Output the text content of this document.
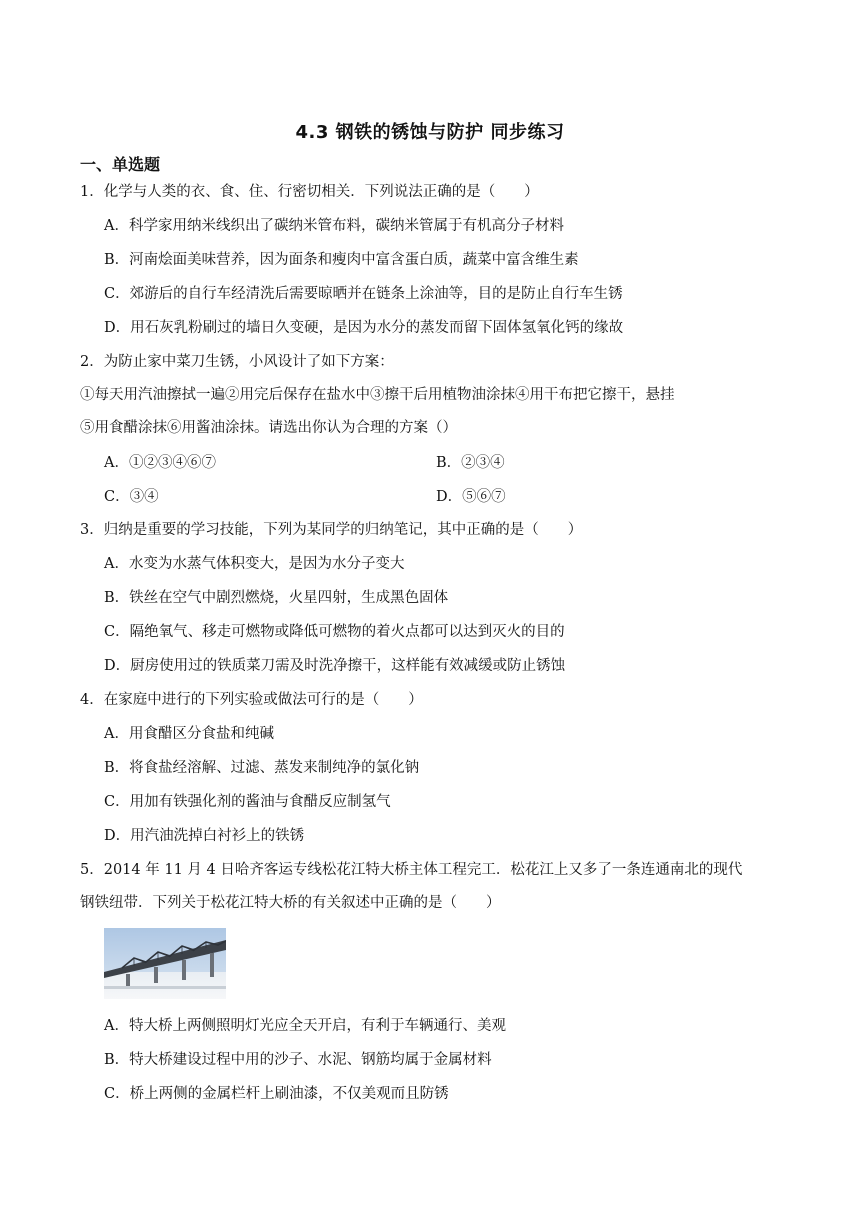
4.3 钢铁的锈蚀与防护 同步练习
一、单选题
1．化学与人类的衣、食、住、行密切相关．下列说法正确的是（　　）
A．科学家用纳米线织出了碳纳米管布料，碳纳米管属于有机高分子材料
B．河南烩面美味营养，因为面条和瘦肉中富含蛋白质，蔬菜中富含维生素
C．郊游后的自行车经清洗后需要晾晒并在链条上涂油等，目的是防止自行车生锈
D．用石灰乳粉刷过的墙日久变硬，是因为水分的蒸发而留下固体氢氧化钙的缘故
2．为防止家中菜刀生锈，小风设计了如下方案：
①每天用汽油擦拭一遍②用完后保存在盐水中③擦干后用植物油涂抹④用干布把它擦干，悬挂
⑤用食醋涂抹⑥用酱油涂抹。请选出你认为合理的方案（）
A．①②③④⑥⑦	B．②③④
C．③④	D．⑤⑥⑦
3．归纳是重要的学习技能，下列为某同学的归纳笔记，其中正确的是（　　）
A．水变为水蒸气体积变大，是因为水分子变大
B．铁丝在空气中剧烈燃烧，火星四射，生成黑色固体
C．隔绝氧气、移走可燃物或降低可燃物的着火点都可以达到灭火的目的
D．厨房使用过的铁质菜刀需及时洗净擦干，这样能有效减缓或防止锈蚀
4．在家庭中进行的下列实验或做法可行的是（　　）
A．用食醋区分食盐和纯碱
B．将食盐经溶解、过滤、蒸发来制纯净的氯化钠
C．用加有铁强化剂的酱油与食醋反应制氢气
D．用汽油洗掉白衬衫上的铁锈
5．2014 年 11 月 4 日哈齐客运专线松花江特大桥主体工程完工．松花江上又多了一条连通南北的现代
钢铁纽带．下列关于松花江特大桥的有关叙述中正确的是（　　）
A．特大桥上两侧照明灯光应全天开启，有利于车辆通行、美观
B．特大桥建设过程中用的沙子、水泥、钢筋均属于金属材料
C．桥上两侧的金属栏杆上刷油漆，不仅美观而且防锈
